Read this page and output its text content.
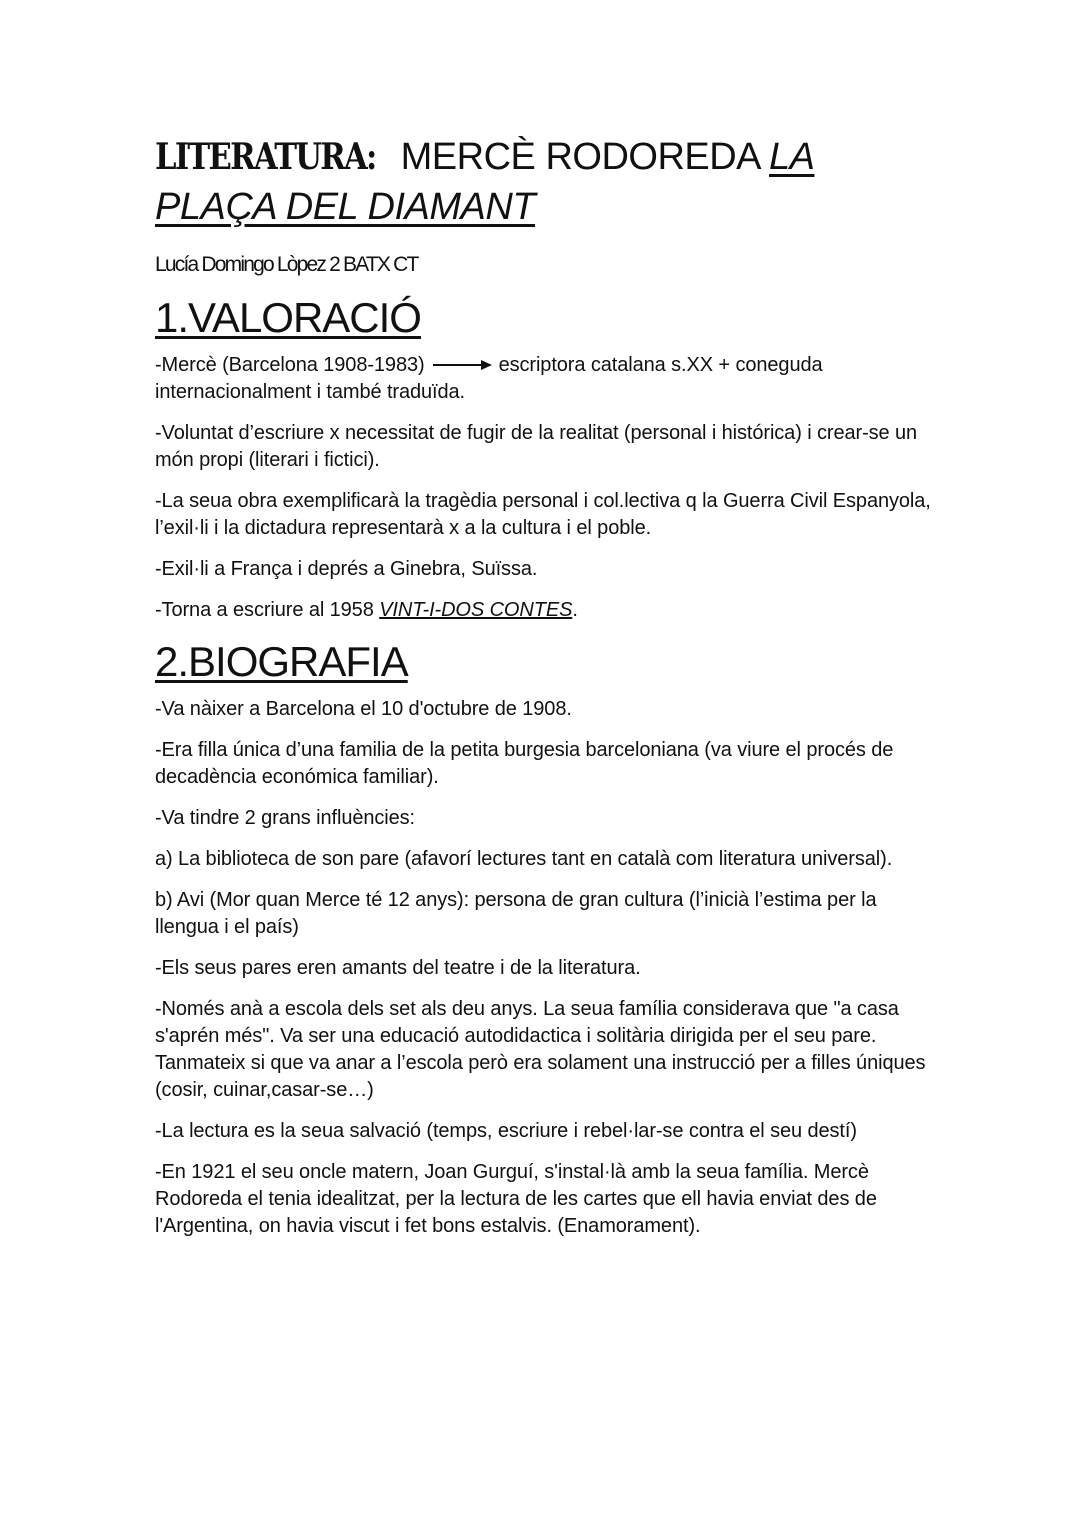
LITERATURA: MERCÈ RODOREDA LA PLAÇA DEL DIAMANT
Lucía Domingo Lòpez 2 BATX CT
1.VALORACIÓ

-Mercè (Barcelona 1908-1983)	escriptora catalana s.XX + coneguda internacionalment i també traduïda.

-Voluntat d’escriure x necessitat de fugir de la realitat (personal i histórica) i crear-se un món propi (literari i fictici).

-La seua obra exemplificarà la tragèdia personal i col.lectiva q la Guerra Civil Espanyola, l’exil·li i la dictadura representarà x a la cultura i el poble.

-Exil·li a França i deprés a Ginebra, Suïssa.

-Torna a escriure al 1958 VINT-I-DOS CONTES.

2.BIOGRAFIA

-Va nàixer a Barcelona el 10 d'octubre de 1908.

-Era filla única d’una familia de la petita burgesia barceloniana (va viure el procés de decadència económica familiar).

-Va tindre 2 grans influències:

a) La biblioteca de son pare (afavorí lectures tant en català com literatura universal).

b) Avi (Mor quan Merce té 12 anys): persona de gran cultura (l’inicià l’estima per la llengua i el país)

-Els seus pares eren amants del teatre i de la literatura.

-Només anà a escola dels set als deu anys. La seua família considerava que "a casa s'aprén més". Va ser una educació autodidactica i solitària dirigida per el seu pare. Tanmateix si que va anar a l’escola però era solament una instrucció per a filles úniques (cosir, cuinar,casar-se…)

-La lectura es la seua salvació (temps, escriure i rebel·lar-se contra el seu destí)

-En 1921 el seu oncle matern, Joan Gurguí, s'instal·là amb la seua família. Mercè Rodoreda el tenia idealitzat, per la lectura de les cartes que ell havia enviat des de l'Argentina, on havia viscut i fet bons estalvis. (Enamorament).
